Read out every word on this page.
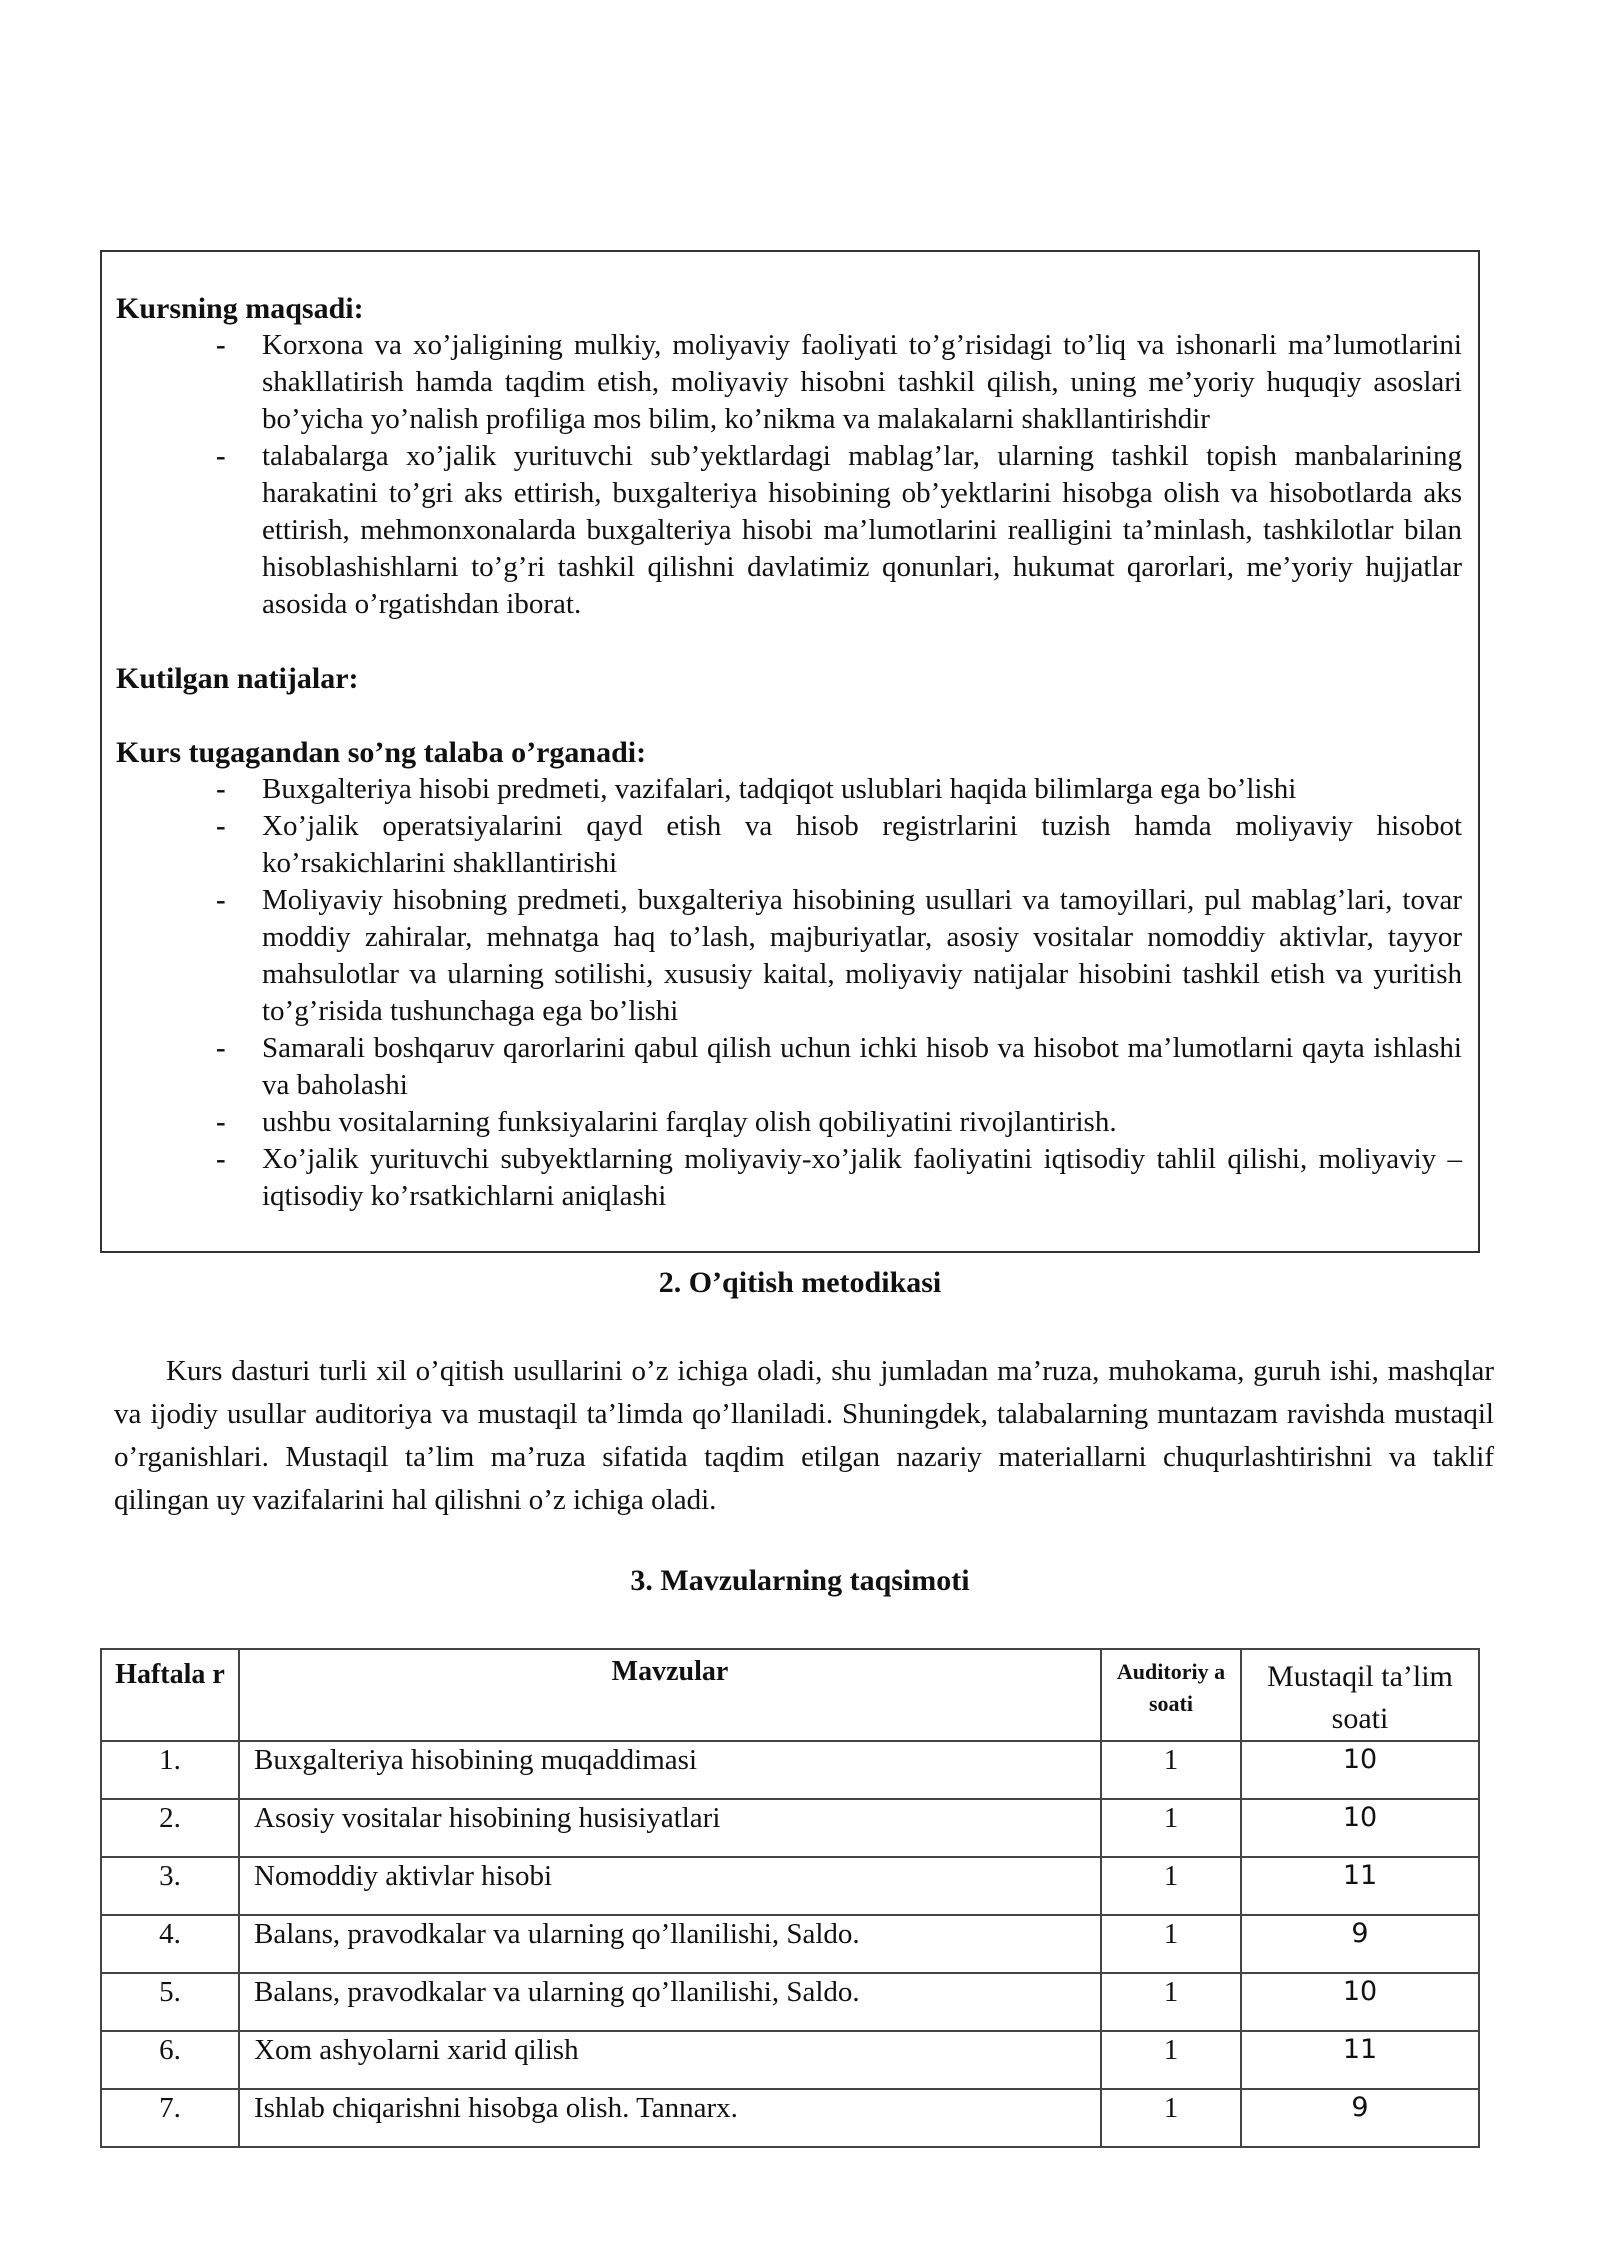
Kursning maqsadi:
- Korxona va xo’jaligining mulkiy, moliyaviy faoliyati to’g’risidagi to’liq va ishonarli ma’lumotlarini shakllatirish hamda taqdim etish, moliyaviy hisobni tashkil qilish, uning me’yoriy huquqiy asoslari bo’yicha yo’nalish profiliga mos bilim, ko’nikma va malakalarni shakllantirishdir
- talabalarga xo’jalik yurituvchi sub’yektlardagi mablag’lar, ularning tashkil topish manbalarining harakatini to’gri aks ettirish, buxgalteriya hisobining ob’yektlarini hisobga olish va hisobotlarda aks ettirish, mehmonxonalarda buxgalteriya hisobi ma’lumotlarini realligini ta’minlash, tashkilotlar bilan hisoblashishlarni to’g’ri tashkil qilishni davlatimiz qonunlari, hukumat qarorlari, me’yoriy hujjatlar asosida o’rgatishdan iborat.
Kutilgan natijalar:
Kurs tugagandan so’ng talaba o’rganadi:
- Buxgalteriya hisobi predmeti, vazifalari, tadqiqot uslublari haqida bilimlarga ega bo’lishi
- Xo’jalik operatsiyalarini qayd etish va hisob registrlarini tuzish hamda moliyaviy hisobot ko’rsakichlarini shakllantirishi
- Moliyaviy hisobning predmeti, buxgalteriya hisobining usullari va tamoyillari, pul mablag’lari, tovar moddiy zahiralar, mehnatga haq to’lash, majburiyatlar, asosiy vositalar nomoddiy aktivlar, tayyor mahsulotlar va ularning sotilishi, xususiy kaital, moliyaviy natijalar hisobini tashkil etish va yuritish to’g’risida tushunchaga ega bo’lishi
- Samarali boshqaruv qarorlarini qabul qilish uchun ichki hisob va hisobot ma’lumotlarni qayta ishlashi va baholashi
- ushbu vositalarning funksiyalarini farqlay olish qobiliyatini rivojlantirish.
- Xo’jalik yurituvchi subyektlarning moliyaviy-xo’jalik faoliyatini iqtisodiy tahlil qilishi, moliyaviy –iqtisodiy ko’rsatkichlarni aniqlashi
2. O’qitish metodikasi
Kurs dasturi turli xil o’qitish usullarini o’z ichiga oladi, shu jumladan ma’ruza, muhokama, guruh ishi, mashqlar va ijodiy usullar auditoriya va mustaqil ta’limda qo’llaniladi. Shuningdek, talabalarning muntazam ravishda mustaqil o’rganishlari. Mustaqil ta’lim ma’ruza sifatida taqdim etilgan nazariy materiallarni chuqurlashtirishni va taklif qilingan uy vazifalarini hal qilishni o’z ichiga oladi.
3. Mavzularning taqsimoti
Haftala r	Mavzular	Auditoriy a soati	Mustaqil ta’lim soati
1.	Buxgalteriya hisobining muqaddimasi	1	10
2.	Asosiy vositalar hisobining husisiyatlari	1	10
3.	Nomoddiy aktivlar hisobi	1	11
4.	Balans, pravodkalar va ularning qo’llanilishi, Saldo.	1	9
5.	Balans, pravodkalar va ularning qo’llanilishi, Saldo.	1	10
6.	Xom ashyolarni xarid qilish	1	11
7.	Ishlab chiqarishni hisobga olish. Tannarx.	1	9
